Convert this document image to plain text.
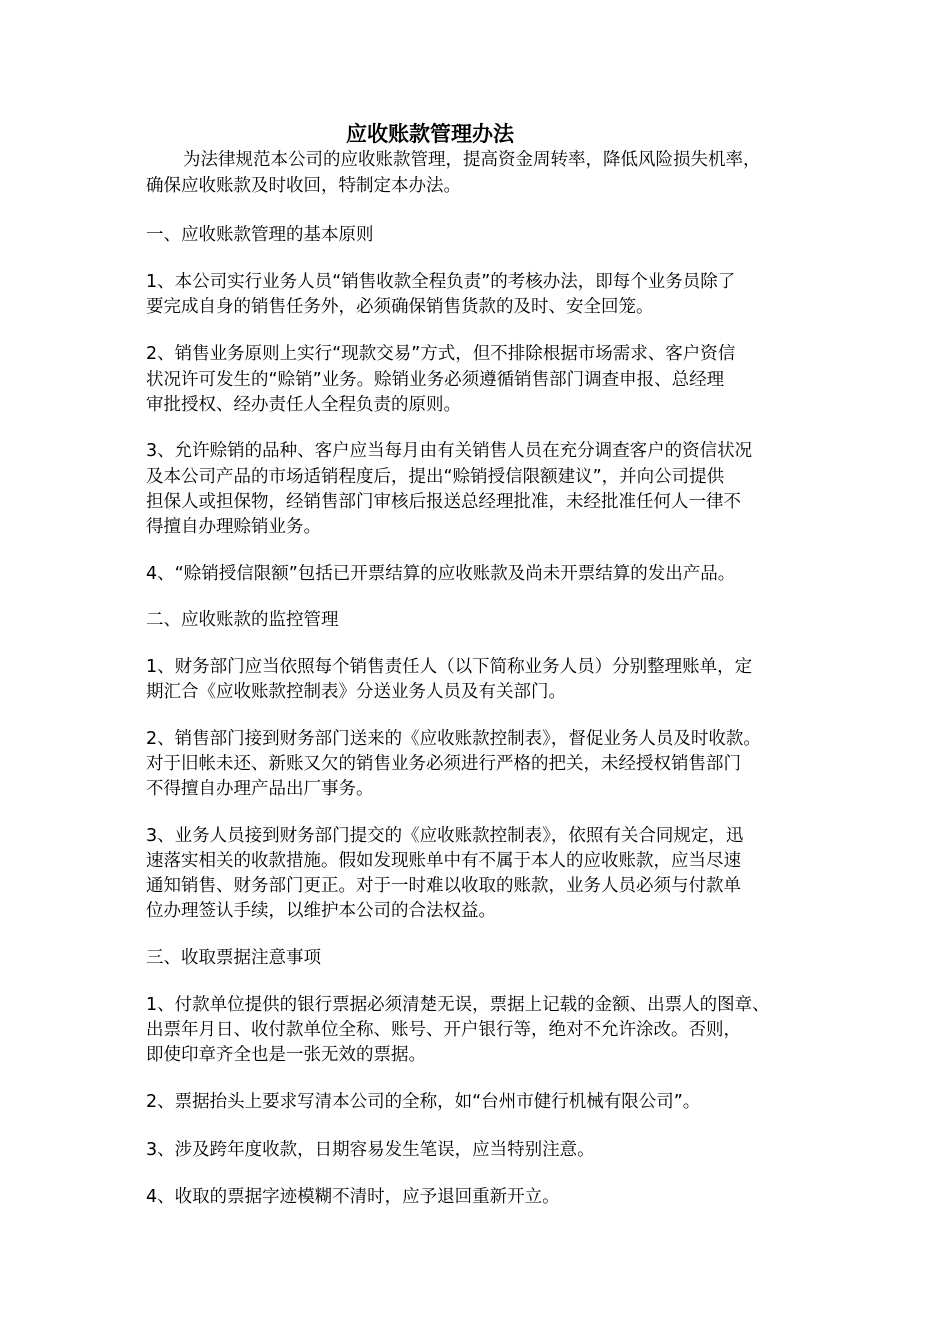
应收账款管理办法
为法律规范本公司的应收账款管理，提高资金周转率，降低风险损失机率，
确保应收账款及时收回，特制定本办法。
一、应收账款管理的基本原则
1、本公司实行业务人员“销售收款全程负责”的考核办法，即每个业务员除了
要完成自身的销售任务外，必须确保销售货款的及时、安全回笼。
2、销售业务原则上实行“现款交易”方式，但不排除根据市场需求、客户资信
状况许可发生的“赊销”业务。赊销业务必须遵循销售部门调查申报、总经理
审批授权、经办责任人全程负责的原则。
3、允许赊销的品种、客户应当每月由有关销售人员在充分调查客户的资信状况
及本公司产品的市场适销程度后，提出“赊销授信限额建议”，并向公司提供
担保人或担保物，经销售部门审核后报送总经理批准，未经批准任何人一律不
得擅自办理赊销业务。
4、“赊销授信限额”包括已开票结算的应收账款及尚未开票结算的发出产品。
二、应收账款的监控管理
1、财务部门应当依照每个销售责任人（以下简称业务人员）分别整理账单，定
期汇合《应收账款控制表》分送业务人员及有关部门。
2、销售部门接到财务部门送来的《应收账款控制表》，督促业务人员及时收款。
对于旧帐未还、新账又欠的销售业务必须进行严格的把关，未经授权销售部门
不得擅自办理产品出厂事务。
3、业务人员接到财务部门提交的《应收账款控制表》，依照有关合同规定，迅
速落实相关的收款措施。假如发现账单中有不属于本人的应收账款，应当尽速
通知销售、财务部门更正。对于一时难以收取的账款，业务人员必须与付款单
位办理签认手续，以维护本公司的合法权益。
三、收取票据注意事项
1、付款单位提供的银行票据必须清楚无误，票据上记载的金额、出票人的图章、
出票年月日、收付款单位全称、账号、开户银行等，绝对不允许涂改。否则，
即使印章齐全也是一张无效的票据。
2、票据抬头上要求写清本公司的全称，如“台州市健行机械有限公司”。
3、涉及跨年度收款，日期容易发生笔误，应当特别注意。
4、收取的票据字迹模糊不清时，应予退回重新开立。
